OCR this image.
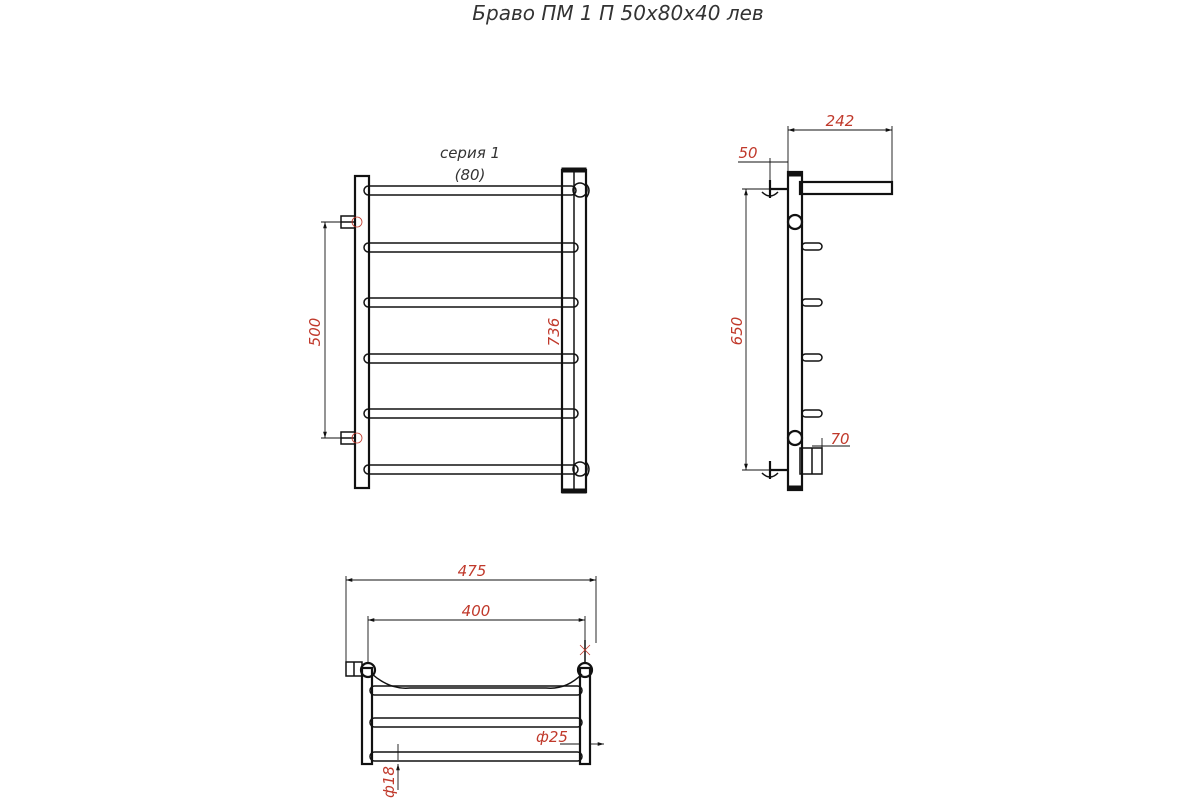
Браво ПМ 1 П 50х80х40 лев
500	736
серия 1
(80)
650
242
50
70
475
400
ф25
ф18
